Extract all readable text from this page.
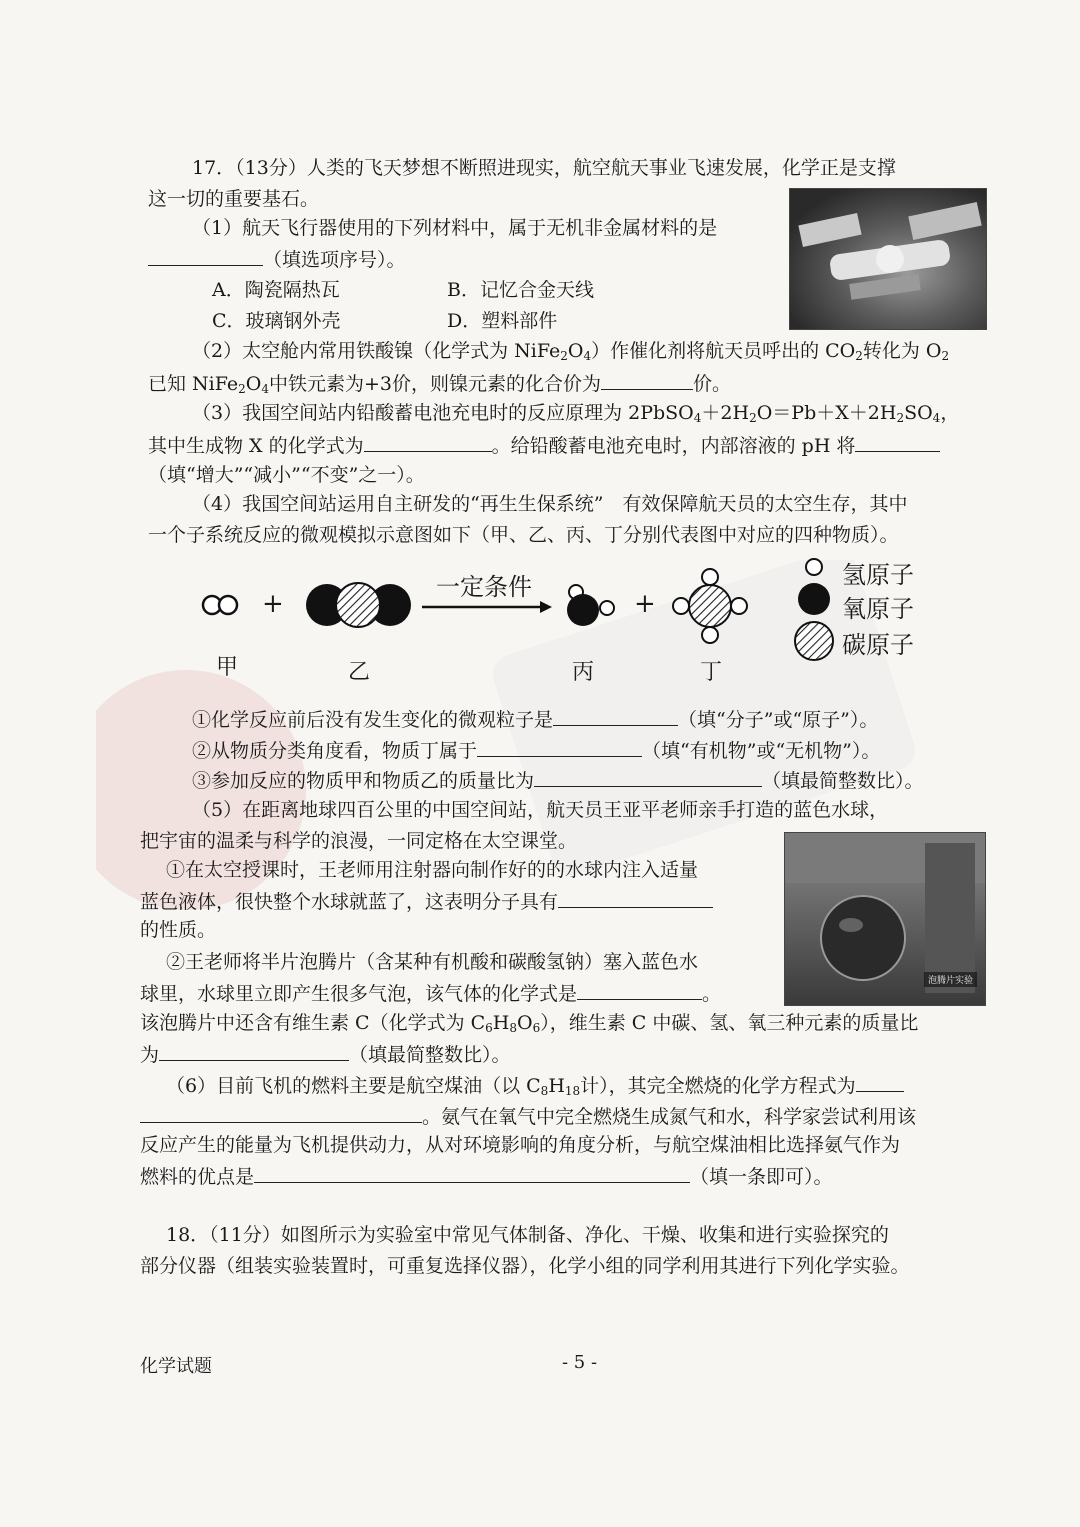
17．（13分）人类的飞天梦想不断照进现实，航空航天事业飞速发展，化学正是支撑
这一切的重要基石。
（1）航天飞行器使用的下列材料中，属于无机非金属材料的是
（填选项序号）。
A．陶瓷隔热瓦	B．记忆合金天线
C．玻璃钢外壳	D．塑料部件
（2）太空舱内常用铁酸镍（化学式为 $NiFe_2O_4$）作催化剂将航天员呼出的 $CO_2$转化为 $O_2$
已知 $NiFe_2O_4$中铁元素为+3价，则镍元素的化合价为	价。
（3）我国空间站内铅酸蓄电池充电时的反应原理为 $2PbSO_4+2H_2O=Pb+X+2H_2SO_4$，
其中生成物 X 的化学式为	。给铅酸蓄电池充电时，内部溶液的 pH 将
（填“增大”“减小”“不变”之一）。
（4）我国空间站运用自主研发的“再生生保系统”　有效保障航天员的太空生存，其中
一个子系统反应的微观模拟示意图如下（甲、乙、丙、丁分别代表图中对应的四种物质）。
+	+
一定条件
甲	乙	丙	丁
氢原子
氧原子
碳原子
①化学反应前后没有发生变化的微观粒子是	（填“分子”或“原子”）。
②从物质分类角度看，物质丁属于	（填“有机物”或“无机物”）。
③参加反应的物质甲和物质乙的质量比为	（填最简整数比）。
（5）在距离地球四百公里的中国空间站，航天员王亚平老师亲手打造的蓝色水球，
把宇宙的温柔与科学的浪漫，一同定格在太空课堂。
泡腾片实验
①在太空授课时，王老师用注射器向制作好的的水球内注入适量
蓝色液体，很快整个水球就蓝了，这表明分子具有
的性质。
②王老师将半片泡腾片（含某种有机酸和碳酸氢钠）塞入蓝色水
球里，水球里立即产生很多气泡，该气体的化学式是	。
该泡腾片中还含有维生素 C（化学式为 $C_6H_8O_6$），维生素 C 中碳、氢、氧三种元素的质量比
为	（填最简整数比）。
（6）目前飞机的燃料主要是航空煤油（以 $C_8H_{18}$计），其完全燃烧的化学方程式为
。氨气在氧气中完全燃烧生成氮气和水，科学家尝试利用该
反应产生的能量为飞机提供动力，从对环境影响的角度分析，与航空煤油相比选择氨气作为
燃料的优点是	（填一条即可）。
18．（11分）如图所示为实验室中常见气体制备、净化、干燥、收集和进行实验探究的
部分仪器（组装实验装置时，可重复选择仪器），化学小组的同学利用其进行下列化学实验。
化学试题	- 5 -
